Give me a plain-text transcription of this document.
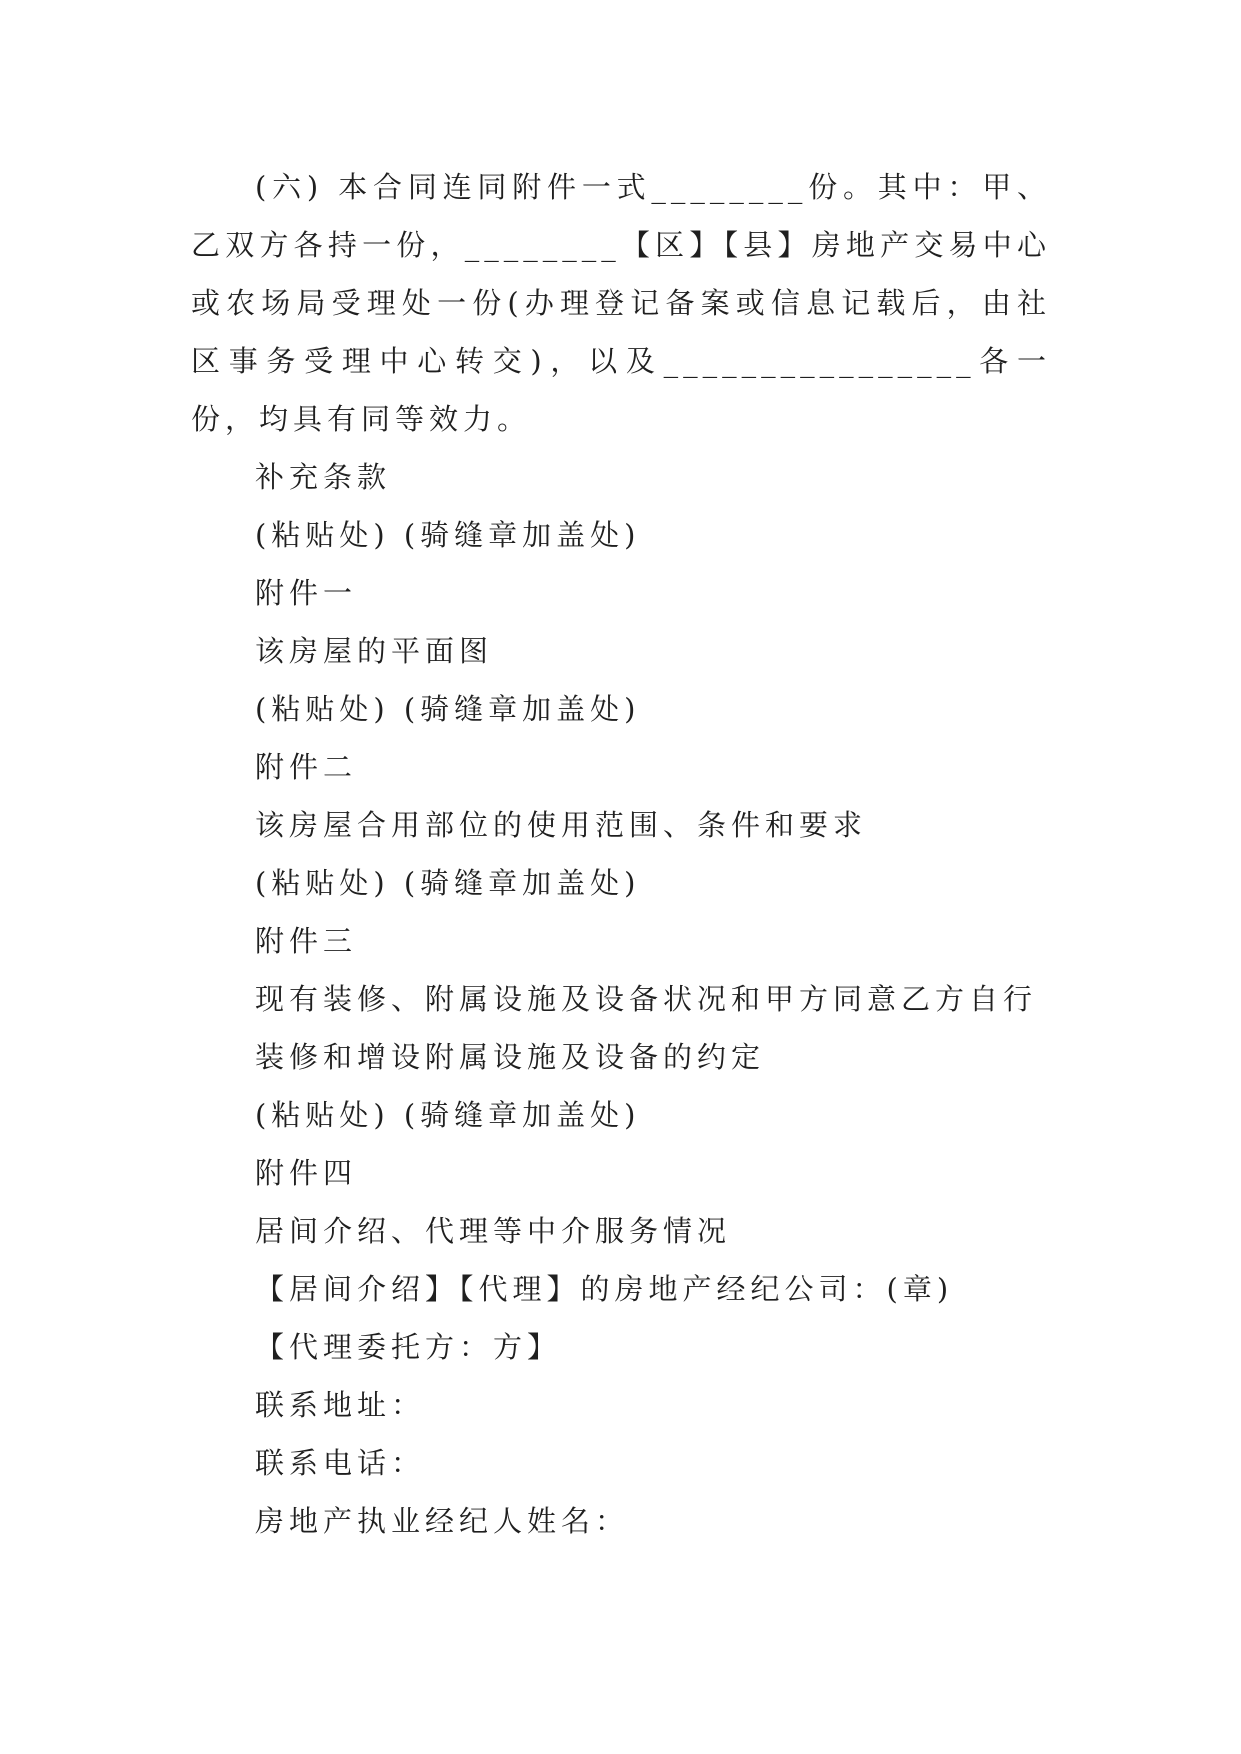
(六) 本合同连同附件一式________份。其中：甲、乙双方各持一份，________【区】【县】房地产交易中心或农场局受理处一份(办理登记备案或信息记载后，由社区事务受理中心转交)，以及________________各一份，均具有同等效力。

补充条款

(粘贴处) (骑缝章加盖处)

附件一

该房屋的平面图

(粘贴处) (骑缝章加盖处)

附件二

该房屋合用部位的使用范围、条件和要求

(粘贴处) (骑缝章加盖处)

附件三

现有装修、附属设施及设备状况和甲方同意乙方自行

装修和增设附属设施及设备的约定

(粘贴处) (骑缝章加盖处)

附件四

居间介绍、代理等中介服务情况

【居间介绍】【代理】的房地产经纪公司：(章)

【代理委托方：方】

联系地址：

联系电话：

房地产执业经纪人姓名：
